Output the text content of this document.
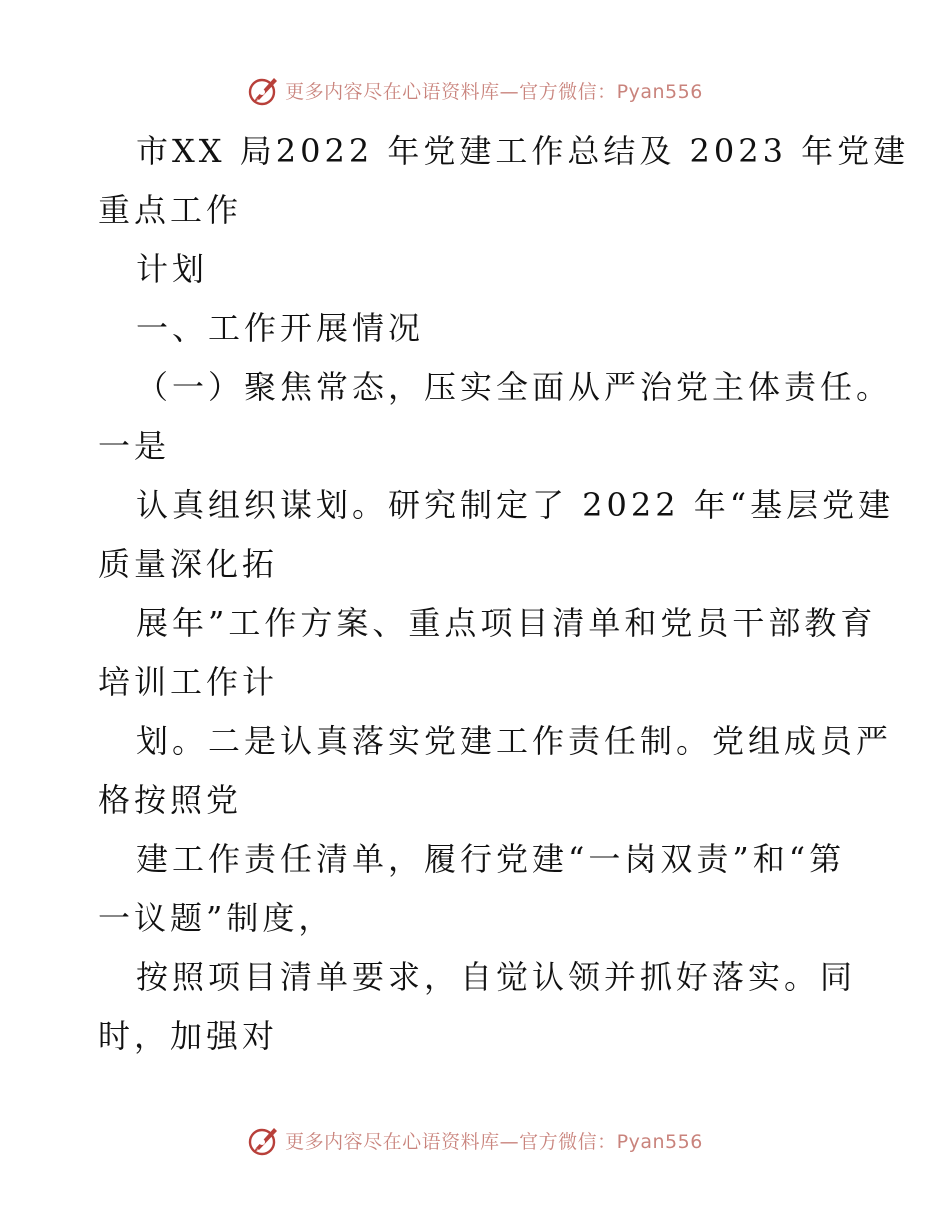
更多内容尽在心语资料库—官方微信：Pyan556
市XX 局2022 年党建工作总结及 2023 年党建
重点工作
计划
一、工作开展情况
（一）聚焦常态，压实全面从严治党主体责任。
一是
认真组织谋划。研究制定了 2022 年“基层党建
质量深化拓
展年”工作方案、重点项目清单和党员干部教育
培训工作计
划。二是认真落实党建工作责任制。党组成员严
格按照党
建工作责任清单，履行党建“一岗双责”和“第
一议题”制度，
按照项目清单要求，自觉认领并抓好落实。同
时，加强对
更多内容尽在心语资料库—官方微信：Pyan556
